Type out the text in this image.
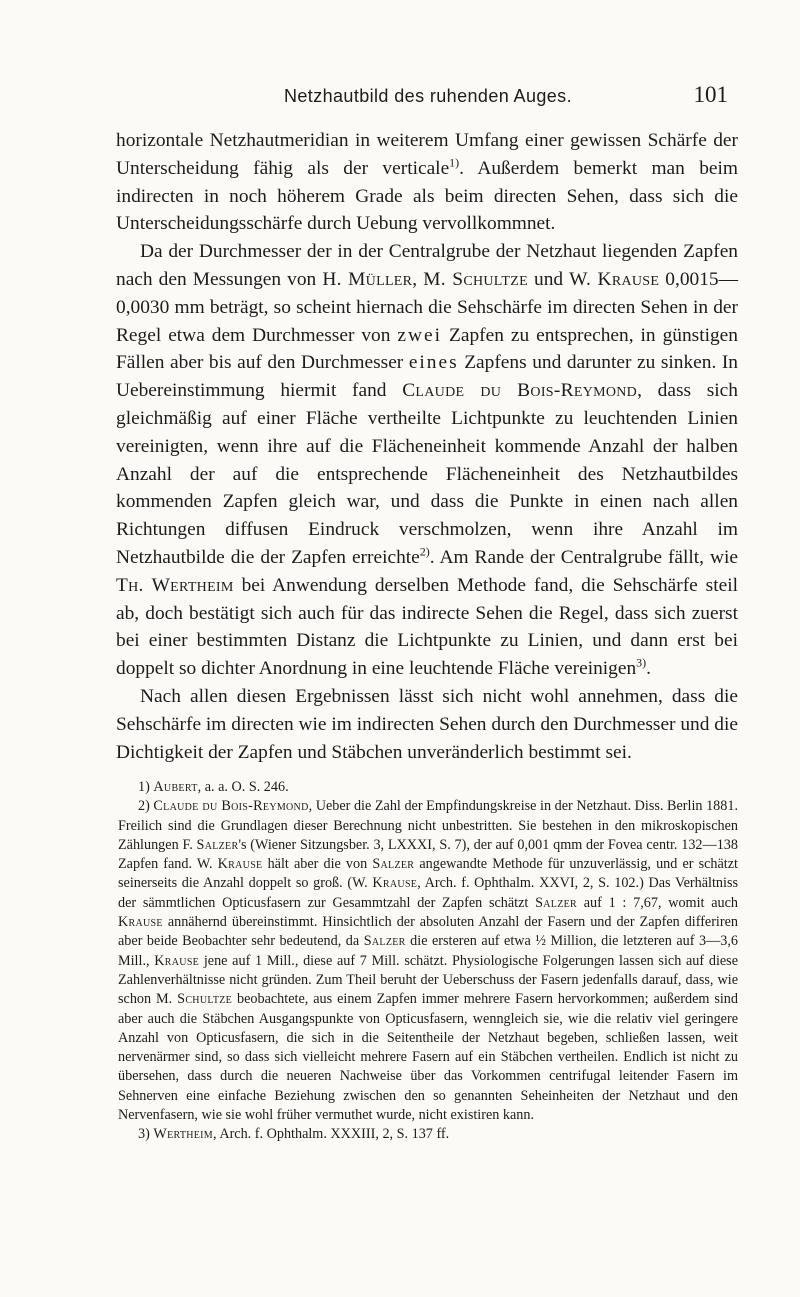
Netzhautbild des ruhenden Auges.	101

horizontale Netzhautmeridian in weiterem Umfang einer gewissen Schärfe der Unterscheidung fähig als der verticale$^{1)}$. Außerdem bemerkt man beim indirecten in noch höherem Grade als beim directen Sehen, dass sich die Unterscheidungsschärfe durch Uebung vervollkommnet.

Da der Durchmesser der in der Centralgrube der Netzhaut liegenden Zapfen nach den Messungen von H. Müller, M. Schultze und W. Krause 0,0015—0,0030 mm beträgt, so scheint hiernach die Sehschärfe im directen Sehen in der Regel etwa dem Durchmesser von zwei Zapfen zu entsprechen, in günstigen Fällen aber bis auf den Durchmesser eines Zapfens und darunter zu sinken. In Uebereinstimmung hiermit fand Claude du Bois-Reymond, dass sich gleichmäßig auf einer Fläche vertheilte Lichtpunkte zu leuchtenden Linien vereinigten, wenn ihre auf die Flächeneinheit kommende Anzahl der halben Anzahl der auf die entsprechende Flächeneinheit des Netzhautbildes kommenden Zapfen gleich war, und dass die Punkte in einen nach allen Richtungen diffusen Eindruck verschmolzen, wenn ihre Anzahl im Netzhautbilde die der Zapfen erreichte$^{2)}$. Am Rande der Centralgrube fällt, wie Th. Wertheim bei Anwendung derselben Methode fand, die Sehschärfe steil ab, doch bestätigt sich auch für das indirecte Sehen die Regel, dass sich zuerst bei einer bestimmten Distanz die Lichtpunkte zu Linien, und dann erst bei doppelt so dichter Anordnung in eine leuchtende Fläche vereinigen$^{3)}$.

Nach allen diesen Ergebnissen lässt sich nicht wohl annehmen, dass die Sehschärfe im directen wie im indirecten Sehen durch den Durchmesser und die Dichtigkeit der Zapfen und Stäbchen unveränderlich bestimmt sei.

1) Aubert, a. a. O. S. 246.

2) Claude du Bois-Reymond, Ueber die Zahl der Empfindungskreise in der Netzhaut. Diss. Berlin 1881. Freilich sind die Grundlagen dieser Berechnung nicht unbestritten. Sie bestehen in den mikroskopischen Zählungen F. Salzer's (Wiener Sitzungsber. 3, LXXXI, S. 7), der auf 0,001 qmm der Fovea centr. 132—138 Zapfen fand. W. Krause hält aber die von Salzer angewandte Methode für unzuverlässig, und er schätzt seinerseits die Anzahl doppelt so groß. (W. Krause, Arch. f. Ophthalm. XXVI, 2, S. 102.) Das Verhältniss der sämmtlichen Opticusfasern zur Gesammtzahl der Zapfen schätzt Salzer auf 1 : 7,67, womit auch Krause annähernd übereinstimmt. Hinsichtlich der absoluten Anzahl der Fasern und der Zapfen differiren aber beide Beobachter sehr bedeutend, da Salzer die ersteren auf etwa ½ Million, die letzteren auf 3—3,6 Mill., Krause jene auf 1 Mill., diese auf 7 Mill. schätzt. Physiologische Folgerungen lassen sich auf diese Zahlenverhältnisse nicht gründen. Zum Theil beruht der Ueberschuss der Fasern jedenfalls darauf, dass, wie schon M. Schultze beobachtete, aus einem Zapfen immer mehrere Fasern hervorkommen; außerdem sind aber auch die Stäbchen Ausgangspunkte von Opticusfasern, wenngleich sie, wie die relativ viel geringere Anzahl von Opticusfasern, die sich in die Seitentheile der Netzhaut begeben, schließen lassen, weit nervenärmer sind, so dass sich vielleicht mehrere Fasern auf ein Stäbchen vertheilen. Endlich ist nicht zu übersehen, dass durch die neueren Nachweise über das Vorkommen centrifugal leitender Fasern im Sehnerven eine einfache Beziehung zwischen den so genannten Seheinheiten der Netzhaut und den Nervenfasern, wie sie wohl früher vermuthet wurde, nicht existiren kann.

3) Wertheim, Arch. f. Ophthalm. XXXIII, 2, S. 137 ff.
